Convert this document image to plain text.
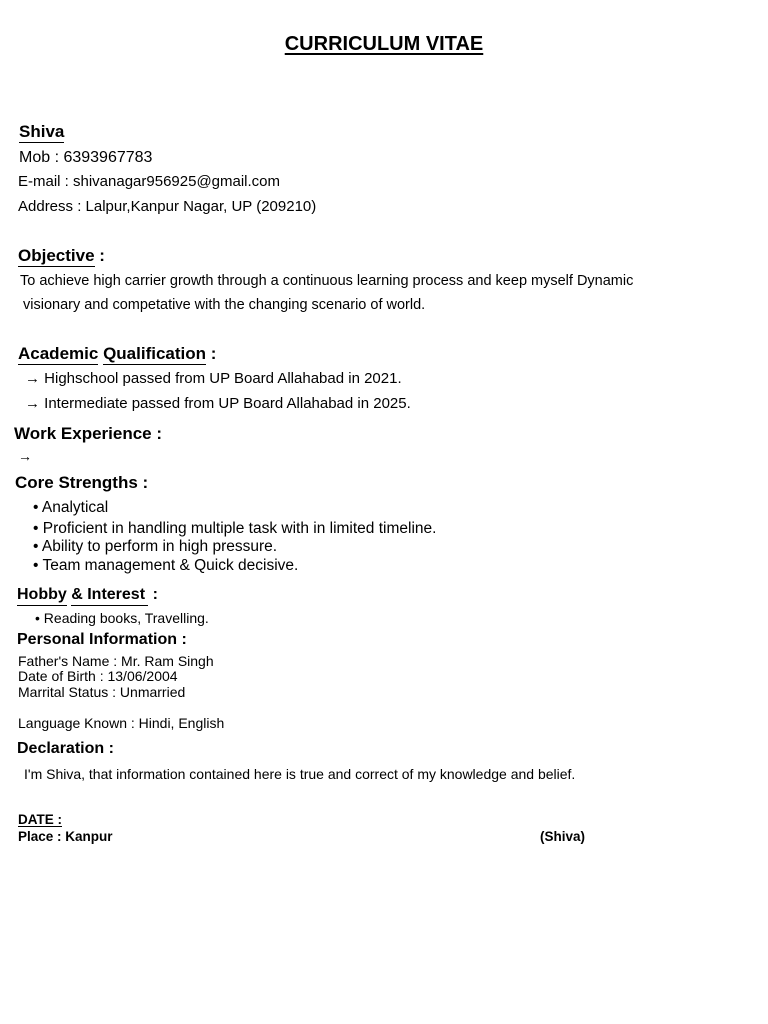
CURRICULUM VITAE
Shiva
Mob : 6393967783
E-mail : shivanagar956925@gmail.com
Address : Lalpur,Kanpur Nagar, UP (209210)
Objective :
To achieve high carrier growth through a continuous learning process and keep myself Dynamic
visionary and competative with the changing scenario of world.
Academic Qualification :
→ Highschool passed from UP Board Allahabad in 2021.
→ Intermediate passed from UP Board Allahabad in 2025.
Work Experience :
→
Core Strengths :
• Analytical
• Proficient in handling multiple task with in limited timeline.
• Ability to perform in high pressure.
• Team management & Quick decisive.
Hobby & Interest :
• Reading books, Travelling.
Personal Information :
Father's Name : Mr. Ram Singh
Date of Birth : 13/06/2004
Marrital Status : Unmarried
Language Known : Hindi, English
Declaration :
I'm Shiva, that information contained here is true and correct of my knowledge and belief.
DATE :
Place : Kanpur	(Shiva)
